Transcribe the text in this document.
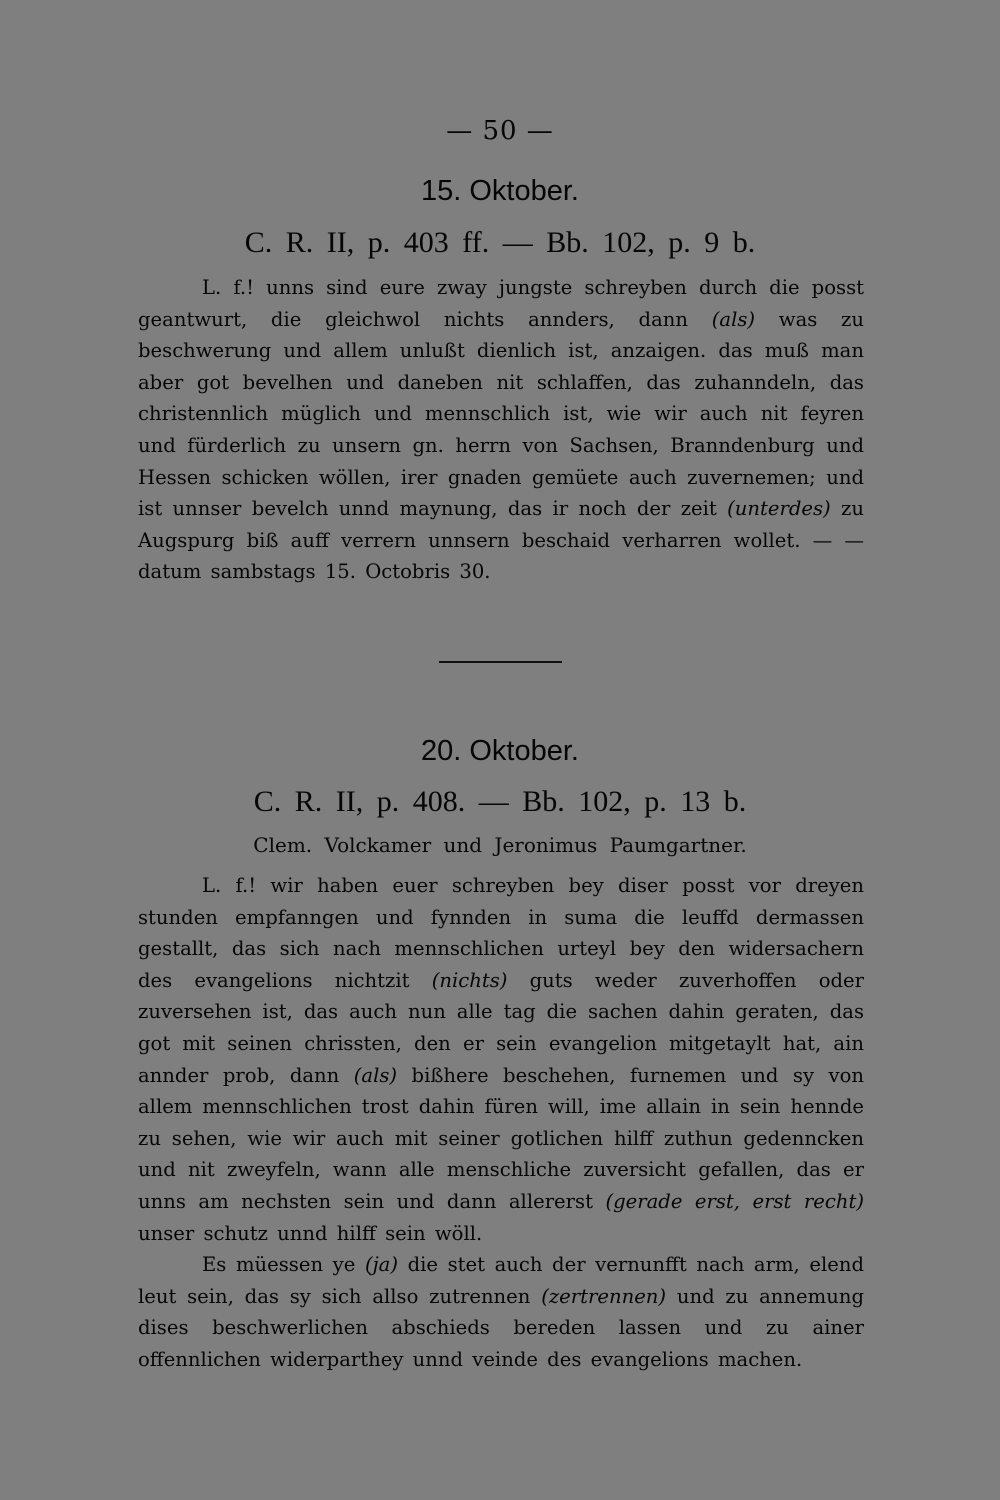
— 50 —
15. Oktober.
C. R. II, p. 403 ff. — Bb. 102, p. 9 b.

L. f.! unns sind eure zway jungste schreyben durch die posst geantwurt, die gleichwol nichts annders, dann (als) was zu beschwerung und allem unlußt dienlich ist, anzaigen. das muß man aber got bevelhen und daneben nit schlaffen, das zuhanndeln, das christennlich müglich und mennschlich ist, wie wir auch nit feyren und fürderlich zu unsern gn. herrn von Sachsen, Branndenburg und Hessen schicken wöllen, irer gnaden gemüete auch zuvernemen; und ist unnser bevelch unnd maynung, das ir noch der zeit (unterdes) zu Augspurg biß auff verrern unnsern beschaid verharren wollet. — — datum sambstags 15. Octobris 30.

20. Oktober.
C. R. II, p. 408. — Bb. 102, p. 13 b.
Clem. Volckamer und Jeronimus Paumgartner.

L. f.! wir haben euer schreyben bey diser posst vor dreyen stunden empfanngen und fynnden in suma die leuffd dermassen gestallt, das sich nach mennschlichen urteyl bey den widersachern des evangelions nichtzit (nichts) guts weder zuverhoffen oder zuversehen ist, das auch nun alle tag die sachen dahin geraten, das got mit seinen chrissten, den er sein evangelion mitgetaylt hat, ain annder prob, dann (als) bißhere beschehen, furnemen und sy von allem mennschlichen trost dahin füren will, ime allain in sein hennde zu sehen, wie wir auch mit seiner gotlichen hilff zuthun gedenncken und nit zweyfeln, wann alle menschliche zuversicht gefallen, das er unns am nechsten sein und dann allererst (gerade erst, erst recht) unser schutz unnd hilff sein wöll.

Es müessen ye (ja) die stet auch der vernunfft nach arm, elend leut sein, das sy sich allso zutrennen (zertrennen) und zu annemung dises beschwerlichen abschieds bereden lassen und zu ainer offennlichen widerparthey unnd veinde des evangelions machen.
